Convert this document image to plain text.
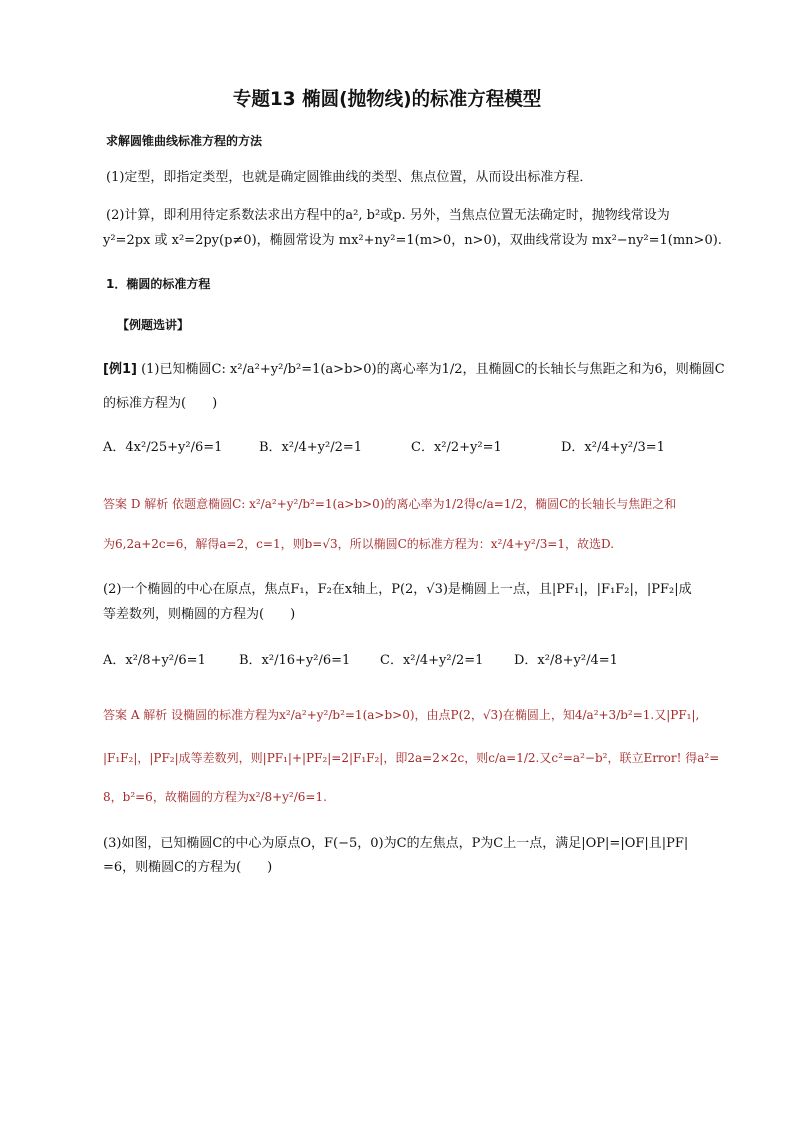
专题13 椭圆(抛物线)的标准方程模型
求解圆锥曲线标准方程的方法
(1)定型，即指定类型，也就是确定圆锥曲线的类型、焦点位置，从而设出标准方程．
(2)计算，即利用待定系数法求出方程中的a², b²或p. 另外，当焦点位置无法确定时，抛物线常设为
y²=2px 或 x²=2py(p≠0)，椭圆常设为 mx²+ny²=1(m>0，n>0)，双曲线常设为 mx²−ny²=1(mn>0).
1．椭圆的标准方程
【例题选讲】
[例1] (1)已知椭圆C: x²/a²+y²/b²=1(a>b>0)的离心率为1/2，且椭圆C的长轴长与焦距之和为6，则椭圆C
的标准方程为(　　)
A．4x²/25+y²/6=1	B．x²/4+y²/2=1	C．x²/2+y²=1	D．x²/4+y²/3=1
答案 D 解析 依题意椭圆C: x²/a²+y²/b²=1(a>b>0)的离心率为1/2得c/a=1/2，椭圆C的长轴长与焦距之和
为6,2a+2c=6，解得a=2，c=1，则b=√3，所以椭圆C的标准方程为：x²/4+y²/3=1，故选D.
(2)一个椭圆的中心在原点，焦点F₁，F₂在x轴上，P(2，√3)是椭圆上一点，且|PF₁|，|F₁F₂|，|PF₂|成
等差数列，则椭圆的方程为(　　)
A．x²/8+y²/6=1	B．x²/16+y²/6=1 C．x²/4+y²/2=1 D．x²/8+y²/4=1
答案 A 解析 设椭圆的标准方程为x²/a²+y²/b²=1(a>b>0)，由点P(2，√3)在椭圆上，知4/a²+3/b²=1.又|PF₁|,
|F₁F₂|，|PF₂|成等差数列，则|PF₁|+|PF₂|=2|F₁F₂|，即2a=2×2c，则c/a=1/2.又c²=a²−b²，联立Error! 得a²=
8，b²=6，故椭圆的方程为x²/8+y²/6=1.
(3)如图，已知椭圆C的中心为原点O，F(−5，0)为C的左焦点，P为C上一点，满足|OP|=|OF|且|PF|
=6，则椭圆C的方程为(　　)
